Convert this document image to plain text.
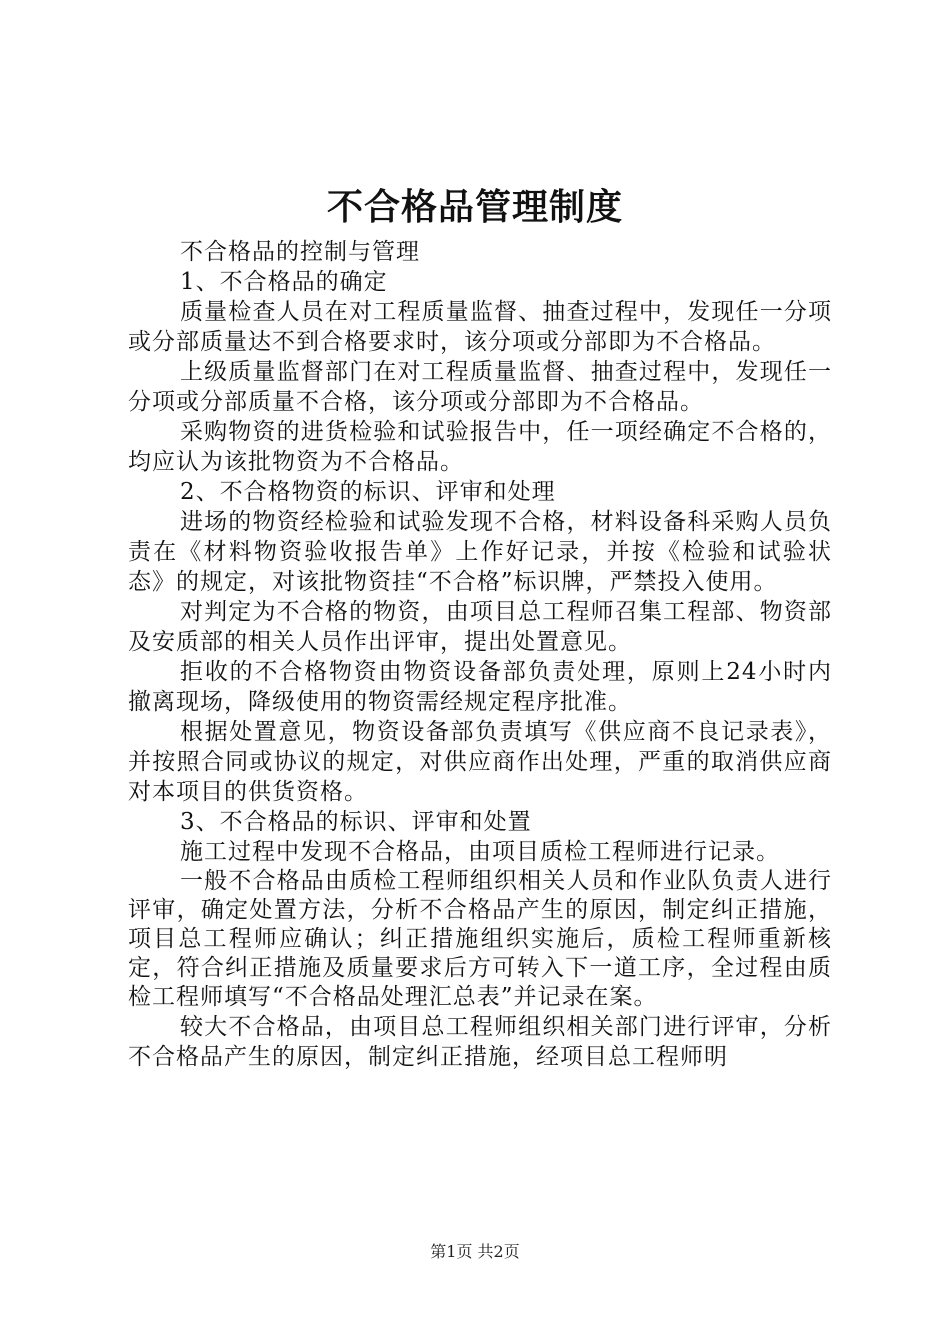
不合格品管理制度

不合格品的控制与管理

1、不合格品的确定

质量检查人员在对工程质量监督、抽查过程中，发现任一分项或分部质量达不到合格要求时，该分项或分部即为不合格品。

上级质量监督部门在对工程质量监督、抽查过程中，发现任一分项或分部质量不合格，该分项或分部即为不合格品。

采购物资的进货检验和试验报告中，任一项经确定不合格的，均应认为该批物资为不合格品。

2、不合格物资的标识、评审和处理

进场的物资经检验和试验发现不合格，材料设备科采购人员负责在《材料物资验收报告单》上作好记录，并按《检验和试验状态》的规定，对该批物资挂“不合格”标识牌，严禁投入使用。

对判定为不合格的物资，由项目总工程师召集工程部、物资部及安质部的相关人员作出评审，提出处置意见。

拒收的不合格物资由物资设备部负责处理，原则上24小时内撤离现场，降级使用的物资需经规定程序批准。

根据处置意见，物资设备部负责填写《供应商不良记录表》，并按照合同或协议的规定，对供应商作出处理，严重的取消供应商对本项目的供货资格。

3、不合格品的标识、评审和处置

施工过程中发现不合格品，由项目质检工程师进行记录。

一般不合格品由质检工程师组织相关人员和作业队负责人进行评审，确定处置方法，分析不合格品产生的原因，制定纠正措施，项目总工程师应确认；纠正措施组织实施后，质检工程师重新核定，符合纠正措施及质量要求后方可转入下一道工序，全过程由质检工程师填写“不合格品处理汇总表”并记录在案。

较大不合格品，由项目总工程师组织相关部门进行评审，分析不合格品产生的原因，制定纠正措施，经项目总工程师明

第1页 共2页
